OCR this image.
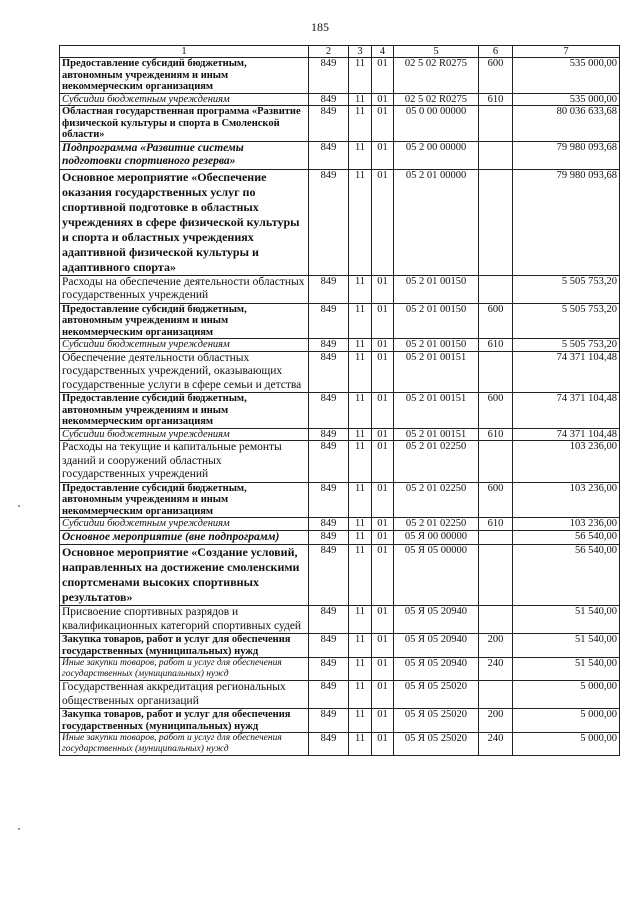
185
1	2	3	4	5	6	7
Предоставление субсидий бюджетным, автономным учреждениям и иным некоммерческим организациям	849	11	01	02 5 02 R0275	600	535 000,00
Субсидии бюджетным учреждениям	849	11	01	02 5 02 R0275	610	535 000,00
Областная государственная программа «Развитие физической культуры и спорта в Смоленской области»	849	11	01	05 0 00 00000		80 036 633,68
Подпрограмма «Развитие системы подготовки спортивного резерва»	849	11	01	05 2 00 00000		79 980 093,68
Основное мероприятие «Обеспечение оказания государственных услуг по спортивной подготовке в областных учреждениях в сфере физической культуры и спорта и областных учреждениях адаптивной физической культуры и адаптивного спорта»	849	11	01	05 2 01 00000		79 980 093,68
Расходы на обеспечение деятельности областных государственных учреждений	849	11	01	05 2 01 00150		5 505 753,20
Предоставление субсидий бюджетным, автономным учреждениям и иным некоммерческим организациям	849	11	01	05 2 01 00150	600	5 505 753,20
Субсидии бюджетным учреждениям	849	11	01	05 2 01 00150	610	5 505 753,20
Обеспечение деятельности областных государственных учреждений, оказывающих государственные услуги в сфере семьи и детства	849	11	01	05 2 01 00151		74 371 104,48
Предоставление субсидий бюджетным, автономным учреждениям и иным некоммерческим организациям	849	11	01	05 2 01 00151	600	74 371 104,48
Субсидии бюджетным учреждениям	849	11	01	05 2 01 00151	610	74 371 104,48
Расходы на текущие и капитальные ремонты зданий и сооружений областных государственных учреждений	849	11	01	05 2 01 02250		103 236,00
Предоставление субсидий бюджетным, автономным учреждениям и иным некоммерческим организациям	849	11	01	05 2 01 02250	600	103 236,00
Субсидии бюджетным учреждениям	849	11	01	05 2 01 02250	610	103 236,00
Основное мероприятие (вне подпрограмм)	849	11	01	05 Я 00 00000		56 540,00
Основное мероприятие «Создание условий, направленных на достижение смоленскими спортсменами высоких спортивных результатов»	849	11	01	05 Я 05 00000		56 540,00
Присвоение спортивных разрядов и квалификационных категорий спортивных судей	849	11	01	05 Я 05 20940		51 540,00
Закупка товаров, работ и услуг для обеспечения государственных (муниципальных) нужд	849	11	01	05 Я 05 20940	200	51 540,00
Иные закупки товаров, работ и услуг для обеспечения государственных (муниципальных) нужд	849	11	01	05 Я 05 20940	240	51 540,00
Государственная аккредитация региональных общественных организаций	849	11	01	05 Я 05 25020		5 000,00
Закупка товаров, работ и услуг для обеспечения государственных (муниципальных) нужд	849	11	01	05 Я 05 25020	200	5 000,00
Иные закупки товаров, работ и услуг для обеспечения государственных (муниципальных) нужд	849	11	01	05 Я 05 25020	240	5 000,00
